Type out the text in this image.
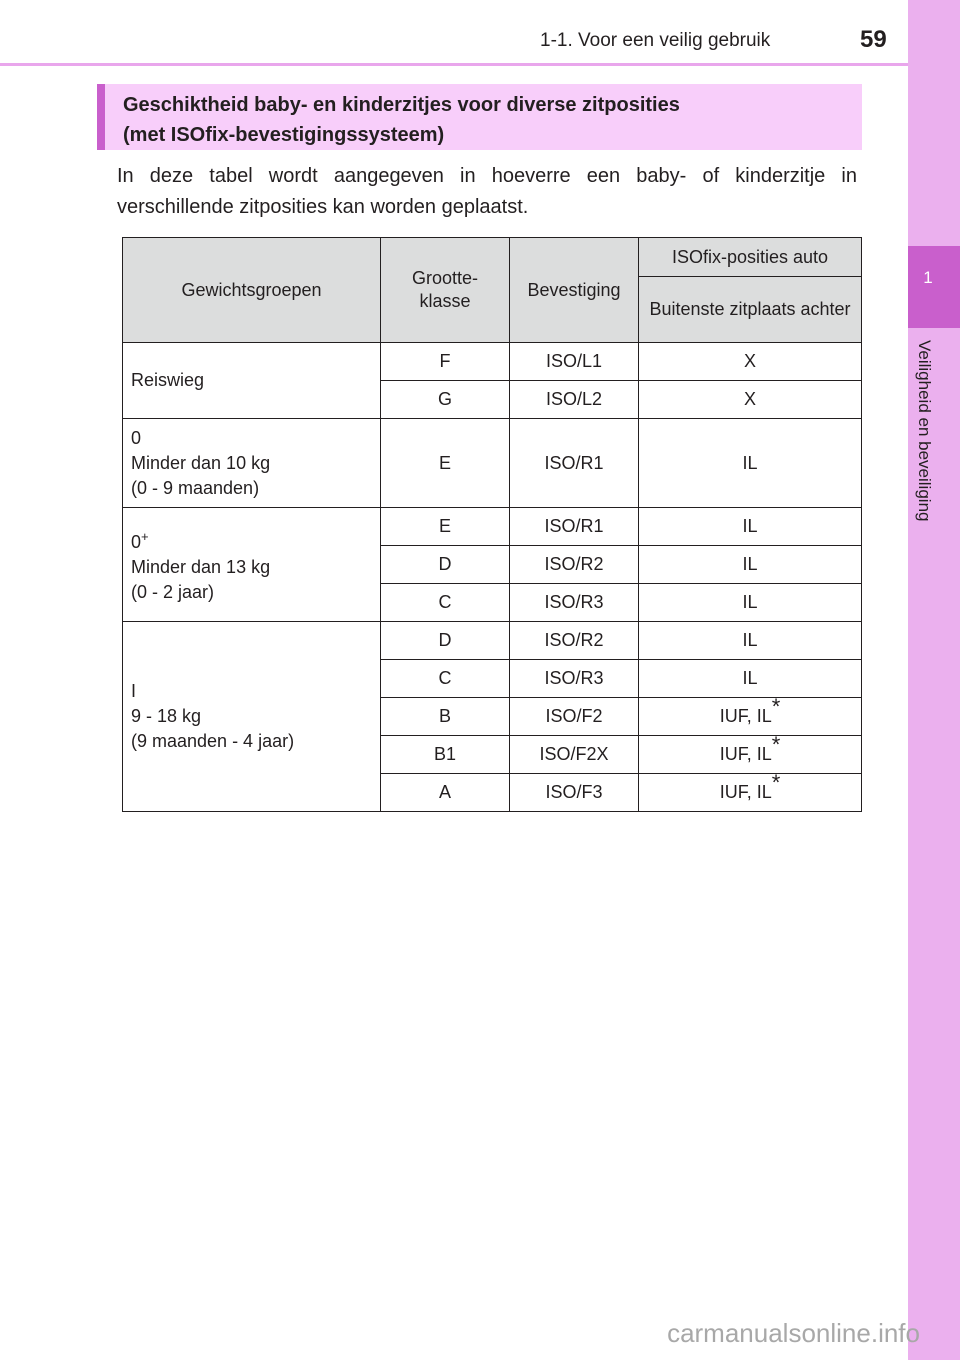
1-1. Voor een veilig gebruik	59
1
Veiligheid en beveiliging
Geschiktheid baby- en kinderzitjes voor diverse zitposities
(met ISOfix-bevestigingssysteem)
In deze tabel wordt aangegeven in hoeverre een baby- of kinderzitje in verschillende zitposities kan worden geplaatst.
Gewichtsgroepen	Grootte-klasse	Bevestiging	ISOfix-posities auto
			Buitenste zitplaats achter
Reiswieg	F	ISO/L1	X
	G	ISO/L2	X
0
Minder dan 10 kg
(0 - 9 maanden)	E	ISO/R1	IL
0+
Minder dan 13 kg
(0 - 2 jaar)	E	ISO/R1	IL
	D	ISO/R2	IL
	C	ISO/R3	IL
I
9 - 18 kg
(9 maanden - 4 jaar)	D	ISO/R2	IL
	C	ISO/R3	IL
	B	ISO/F2	IUF, IL*
	B1	ISO/F2X	IUF, IL*
	A	ISO/F3	IUF, IL*
carmanualsonline.info
